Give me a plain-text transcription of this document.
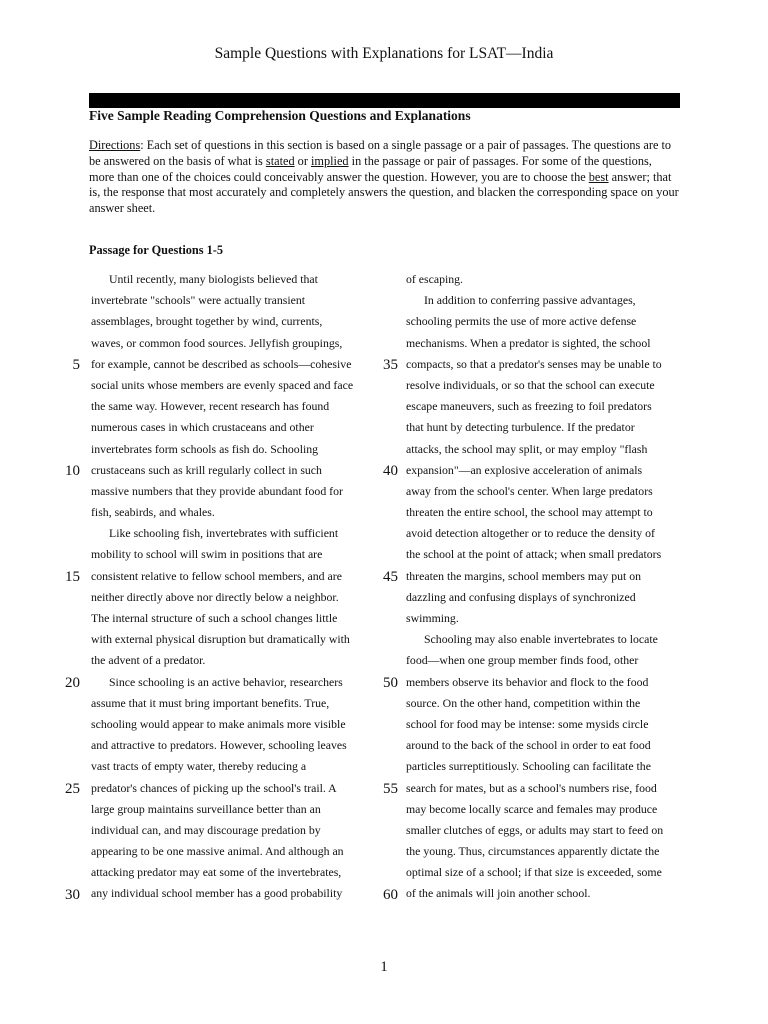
Sample Questions with Explanations for LSAT—India
Five Sample Reading Comprehension Questions and Explanations
Directions: Each set of questions in this section is based on a single passage or a pair of passages. The questions are to be answered on the basis of what is stated or implied in the passage or pair of passages. For some of the questions, more than one of the choices could conceivably answer the question. However, you are to choose the best answer; that is, the response that most accurately and completely answers the question, and blacken the corresponding space on your answer sheet.
Passage for Questions 1-5
Until recently, many biologists believed that
invertebrate "schools" were actually transient
assemblages, brought together by wind, currents,
waves, or common food sources. Jellyfish groupings,
for example, cannot be described as schools—cohesive
social units whose members are evenly spaced and face
the same way. However, recent research has found
numerous cases in which crustaceans and other
invertebrates form schools as fish do. Schooling
crustaceans such as krill regularly collect in such
massive numbers that they provide abundant food for
fish, seabirds, and whales.
Like schooling fish, invertebrates with sufficient
mobility to school will swim in positions that are
consistent relative to fellow school members, and are
neither directly above nor directly below a neighbor.
The internal structure of such a school changes little
with external physical disruption but dramatically with
the advent of a predator.
Since schooling is an active behavior, researchers
assume that it must bring important benefits. True,
schooling would appear to make animals more visible
and attractive to predators. However, schooling leaves
vast tracts of empty water, thereby reducing a
predator's chances of picking up the school's trail. A
large group maintains surveillance better than an
individual can, and may discourage predation by
appearing to be one massive animal. And although an
attacking predator may eat some of the invertebrates,
any individual school member has a good probability
of escaping.
In addition to conferring passive advantages,
schooling permits the use of more active defense
mechanisms. When a predator is sighted, the school
compacts, so that a predator's senses may be unable to
resolve individuals, or so that the school can execute
escape maneuvers, such as freezing to foil predators
that hunt by detecting turbulence. If the predator
attacks, the school may split, or may employ "flash
expansion"—an explosive acceleration of animals
away from the school's center. When large predators
threaten the entire school, the school may attempt to
avoid detection altogether or to reduce the density of
the school at the point of attack; when small predators
threaten the margins, school members may put on
dazzling and confusing displays of synchronized
swimming.
Schooling may also enable invertebrates to locate
food—when one group member finds food, other
members observe its behavior and flock to the food
source. On the other hand, competition within the
school for food may be intense: some mysids circle
around to the back of the school in order to eat food
particles surreptitiously. Schooling can facilitate the
search for mates, but as a school's numbers rise, food
may become locally scarce and females may produce
smaller clutches of eggs, or adults may start to feed on
the young. Thus, circumstances apparently dictate the
optimal size of a school; if that size is exceeded, some
of the animals will join another school.
1
5
10
15
20
25
30
35
40
45
50
55
60
